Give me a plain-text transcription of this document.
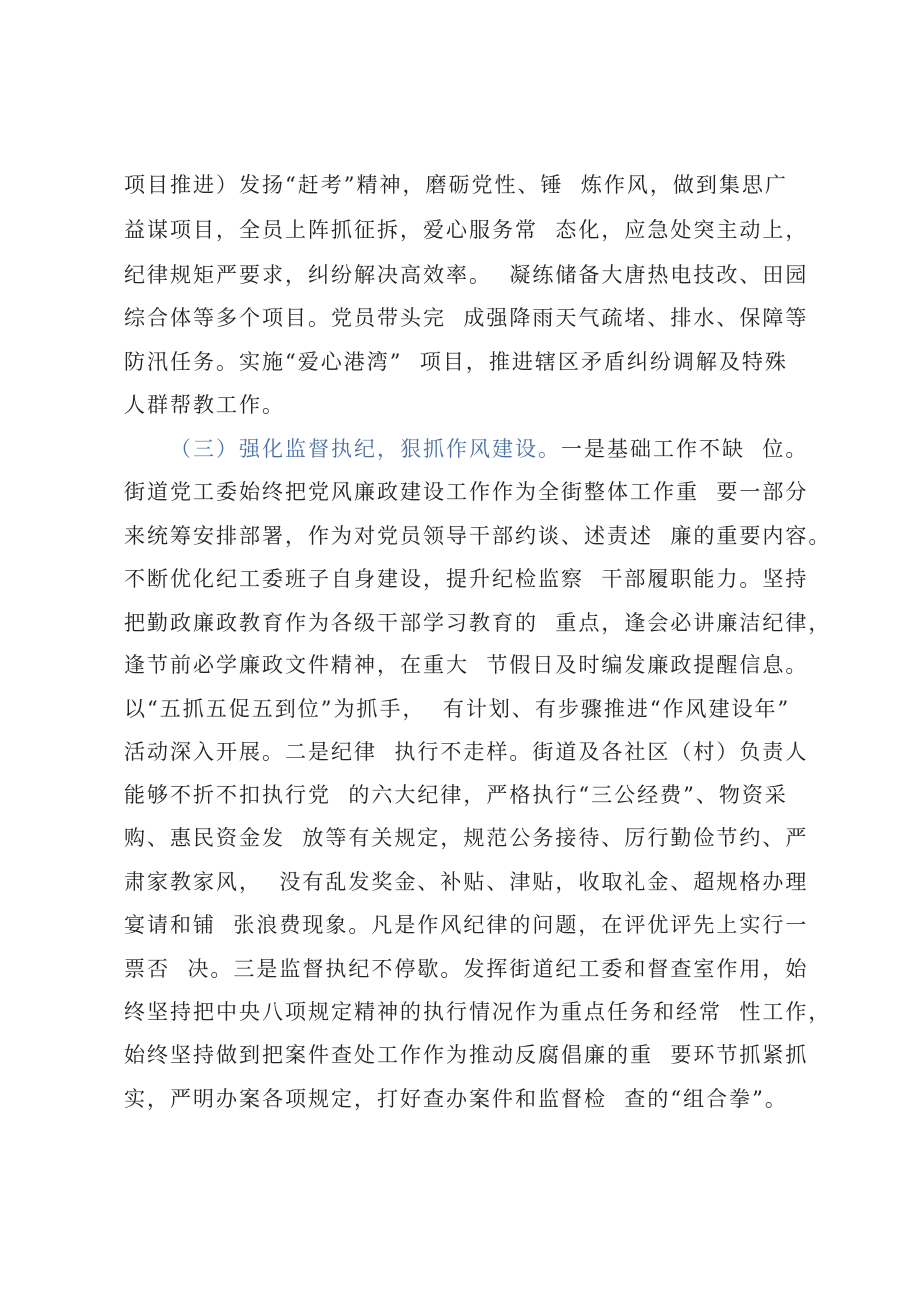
项目推进）发扬“赶考”精神，磨砺党性、锤  炼作风，做到集思广
益谋项目，全员上阵抓征拆，爱心服务常  态化，应急处突主动上，
纪律规矩严要求，纠纷解决高效率。  凝练储备大唐热电技改、田园
综合体等多个项目。党员带头完  成强降雨天气疏堵、排水、保障等
防汛任务。实施“爱心港湾”  项目，推进辖区矛盾纠纷调解及特殊
人群帮教工作。
（三）强化监督执纪，狠抓作风建设。一是基础工作不缺  位。
街道党工委始终把党风廉政建设工作作为全街整体工作重  要一部分
来统筹安排部署，作为对党员领导干部约谈、述责述  廉的重要内容。
不断优化纪工委班子自身建设，提升纪检监察  干部履职能力。坚持
把勤政廉政教育作为各级干部学习教育的  重点，逢会必讲廉洁纪律，
逢节前必学廉政文件精神，在重大  节假日及时编发廉政提醒信息。
以“五抓五促五到位”为抓手，  有计划、有步骤推进“作风建设年”
活动深入开展。二是纪律  执行不走样。街道及各社区（村）负责人
能够不折不扣执行党  的六大纪律，严格执行“三公经费”、物资采
购、惠民资金发  放等有关规定，规范公务接待、厉行勤俭节约、严
肃家教家风，  没有乱发奖金、补贴、津贴，收取礼金、超规格办理
宴请和铺  张浪费现象。凡是作风纪律的问题，在评优评先上实行一
票否  决。三是监督执纪不停歇。发挥街道纪工委和督查室作用，始
终坚持把中央八项规定精神的执行情况作为重点任务和经常  性工作，
始终坚持做到把案件查处工作作为推动反腐倡廉的重  要环节抓紧抓
实，严明办案各项规定，打好查办案件和监督检  查的“组合拳”。
